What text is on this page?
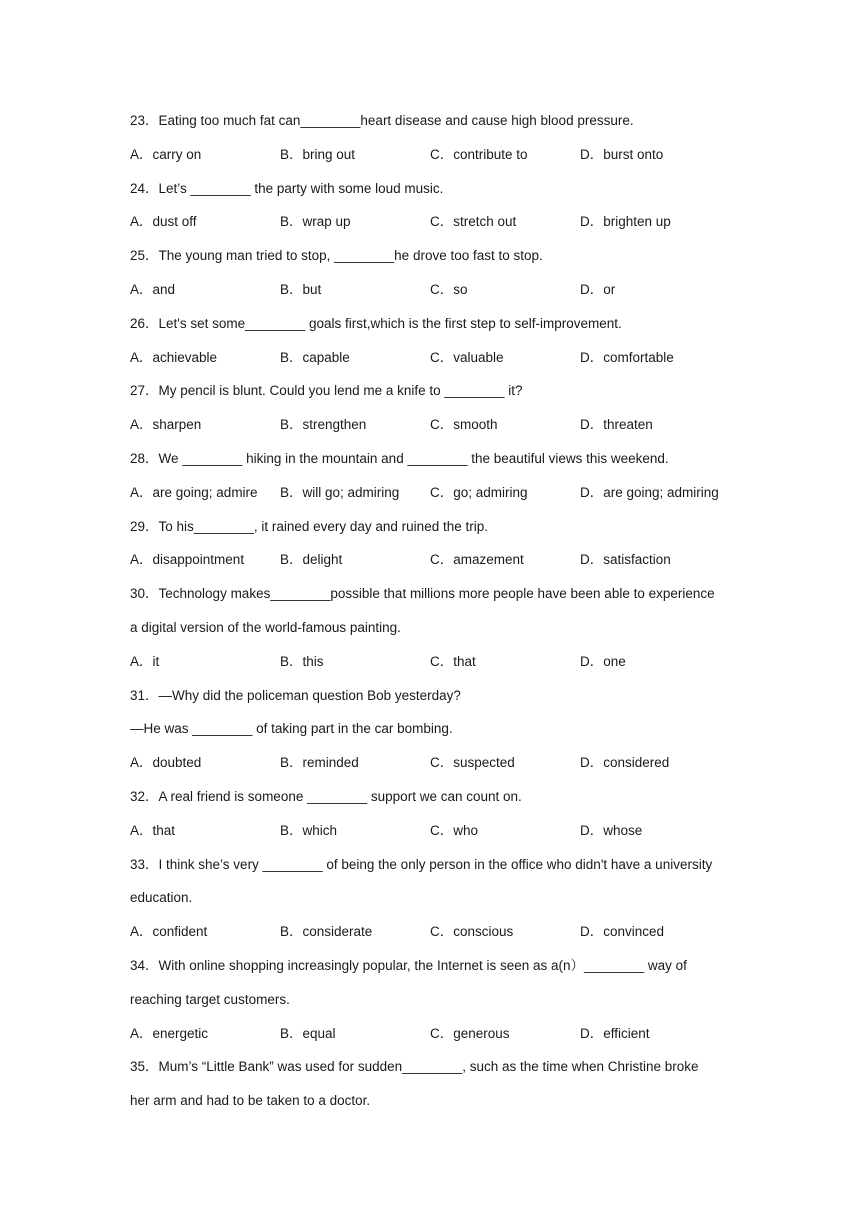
23．Eating too much fat can________heart disease and cause high blood pressure.
A．carry on	B．bring out	C．contribute to	D．burst onto
24．Let’s ________ the party with some loud music.
A．dust off	B．wrap up	C．stretch out	D．brighten up
25．The young man tried to stop, ________he drove too fast to stop.
A．and	B．but	C．so	D．or
26．Let's set some________ goals first,which is the first step to self-improvement.
A．achievable	B．capable	C．valuable	D．comfortable
27．My pencil is blunt. Could you lend me a knife to ________ it?
A．sharpen	B．strengthen	C．smooth	D．threaten
28．We ________ hiking in the mountain and ________ the beautiful views this weekend.
A．are going; admire	B．will go; admiring	C．go; admiring	D．are going; admiring
29．To his________, it rained every day and ruined the trip.
A．disappointment	B．delight	C．amazement	D．satisfaction
30．Technology makes________possible that millions more people have been able to experience
a digital version of the world-famous painting.
A．it	B．this	C．that	D．one
31．—Why did the policeman question Bob yesterday?
—He was ________ of taking part in the car bombing.
A．doubted	B．reminded	C．suspected	D．considered
32．A real friend is someone ________ support we can count on.
A．that	B．which	C．who	D．whose
33．I think she’s very ________ of being the only person in the office who didn't have a university
education.
A．confident	B．considerate	C．conscious	D．convinced
34．With online shopping increasingly popular, the Internet is seen as a(n）________ way of
reaching target customers.
A．energetic	B．equal	C．generous	D．efficient
35．Mum’s “Little Bank” was used for sudden________, such as the time when Christine broke
her arm and had to be taken to a doctor.
